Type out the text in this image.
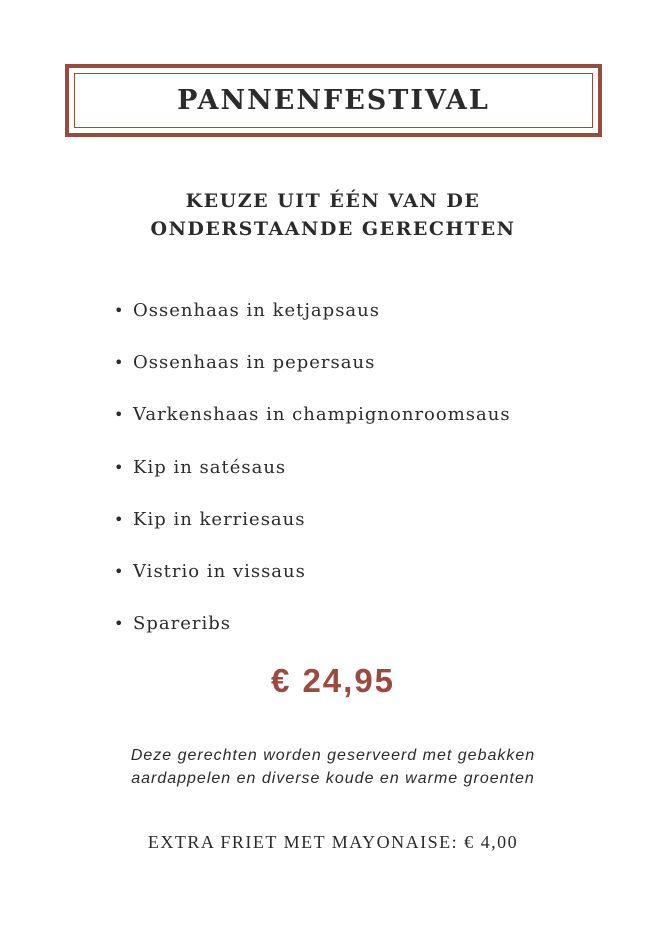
PANNENFESTIVAL
KEUZE UIT ÉÉN VAN DE
ONDERSTAANDE GERECHTEN
• Ossenhaas in ketjapsaus
• Ossenhaas in pepersaus
• Varkenshaas in champignonroomsaus
• Kip in satésaus
• Kip in kerriesaus
• Vistrio in vissaus
• Spareribs
€ 24,95
Deze gerechten worden geserveerd met gebakken
aardappelen en diverse koude en warme groenten
EXTRA FRIET MET MAYONAISE: € 4,00
